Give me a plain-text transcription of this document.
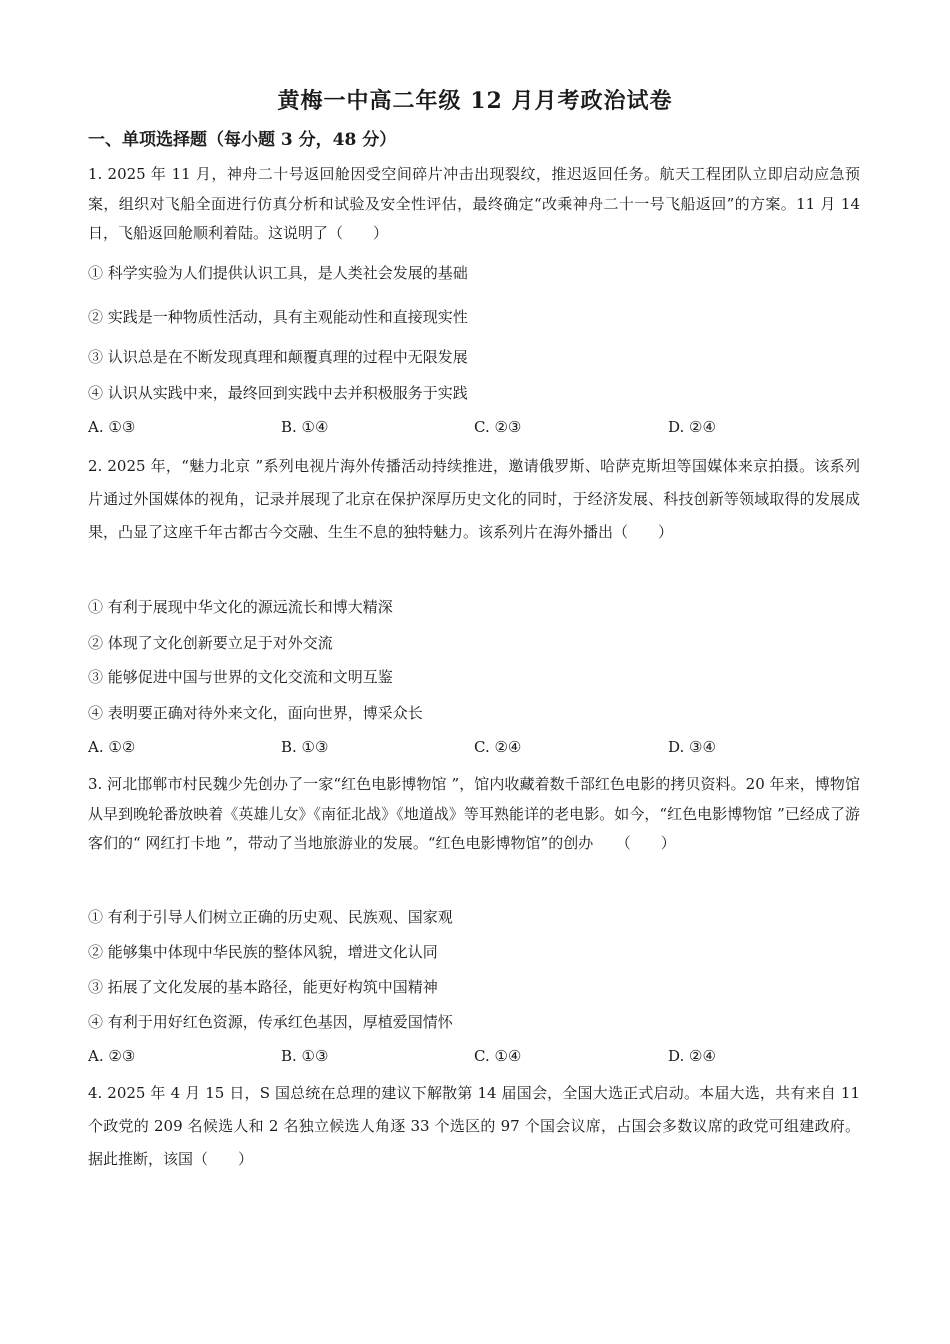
黄梅一中高二年级 12 月月考政治试卷
一、单项选择题（每小题 3 分，48 分）

1. 2025 年 11 月，神舟二十号返回舱因受空间碎片冲击出现裂纹，推迟返回任务。航天工程团队立即启动应急预案，组织对飞船全面进行仿真分析和试验及安全性评估，最终确定“改乘神舟二十一号飞船返回”的方案。11 月 14 日，飞船返回舱顺利着陆。这说明了（　　）

① 科学实验为人们提供认识工具，是人类社会发展的基础
② 实践是一种物质性活动，具有主观能动性和直接现实性
③ 认识总是在不断发现真理和颠覆真理的过程中无限发展
④ 认识从实践中来，最终回到实践中去并积极服务于实践
A. ①③	B. ①④	C. ②③	D. ②④

2. 2025 年，“魅力北京 ”系列电视片海外传播活动持续推进，邀请俄罗斯、哈萨克斯坦等国媒体来京拍摄。该系列片通过外国媒体的视角，记录并展现了北京在保护深厚历史文化的同时，于经济发展、科技创新等领域取得的发展成果，凸显了这座千年古都古今交融、生生不息的独特魅力。该系列片在海外播出（　　）

① 有利于展现中华文化的源远流长和博大精深
② 体现了文化创新要立足于对外交流
③ 能够促进中国与世界的文化交流和文明互鉴
④ 表明要正确对待外来文化，面向世界，博采众长
A. ①②	B. ①③	C. ②④	D. ③④

3. 河北邯郸市村民魏少先创办了一家“红色电影博物馆 ”，馆内收藏着数千部红色电影的拷贝资料。20 年来，博物馆从早到晚轮番放映着《英雄儿女》《南征北战》《地道战》等耳熟能详的老电影。如今，“红色电影博物馆 ”已经成了游客们的“ 网红打卡地 ”，带动了当地旅游业的发展。“红色电影博物馆”的创办　　（　　）

① 有利于引导人们树立正确的历史观、民族观、国家观
② 能够集中体现中华民族的整体风貌，增进文化认同
③ 拓展了文化发展的基本路径，能更好构筑中国精神
④ 有利于用好红色资源，传承红色基因，厚植爱国情怀
A. ②③	B. ①③	C. ①④	D. ②④

4. 2025 年 4 月 15 日，S 国总统在总理的建议下解散第 14 届国会，全国大选正式启动。本届大选，共有来自 11 个政党的 209 名候选人和 2 名独立候选人角逐 33 个选区的 97 个国会议席，占国会多数议席的政党可组建政府。据此推断，该国（　　）
